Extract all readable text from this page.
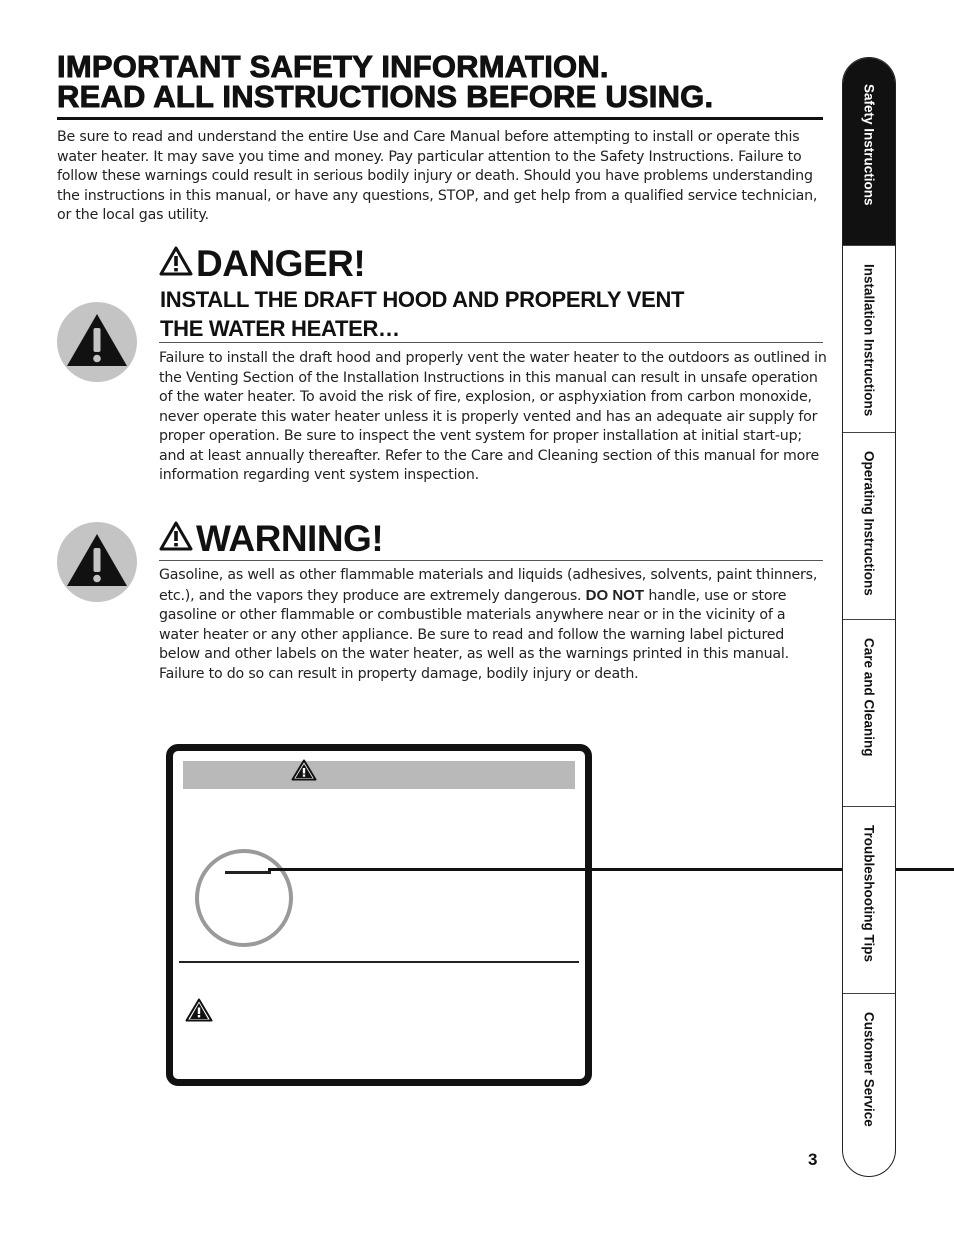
IMPORTANT SAFETY INFORMATION.
READ ALL INSTRUCTIONS BEFORE USING.

Be sure to read and understand the entire Use and Care Manual before attempting to install or operate this water heater. It may save you time and money. Pay particular attention to the Safety Instructions. Failure to follow these warnings could result in serious bodily injury or death. Should you have problems understanding the instructions in this manual, or have any questions, STOP, and get help from a qualified service technician, or the local gas utility.

DANGER!
INSTALL THE DRAFT HOOD AND PROPERLY VENT
THE WATER HEATER…

Failure to install the draft hood and properly vent the water heater to the outdoors as outlined in the Venting Section of the Installation Instructions in this manual can result in unsafe operation of the water heater. To avoid the risk of fire, explosion, or asphyxiation from carbon monoxide, never operate this water heater unless it is properly vented and has an adequate air supply for proper operation. Be sure to inspect the vent system for proper installation at initial start-up; and at least annually thereafter. Refer to the Care and Cleaning section of this manual for more information regarding vent system inspection.

WARNING!

Gasoline, as well as other flammable materials and liquids (adhesives, solvents, paint thinners, etc.), and the vapors they produce are extremely dangerous. DO NOT handle, use or store gasoline or other flammable or combustible materials anywhere near or in the vicinity of a water heater or any other appliance. Be sure to read and follow the warning label pictured below and other labels on the water heater, as well as the warnings printed in this manual. Failure to do so can result in property damage, bodily injury or death.

Safety Instructions
Installation Instructions
Operating Instructions
Care and Cleaning
Troubleshooting Tips
Customer Service
3
